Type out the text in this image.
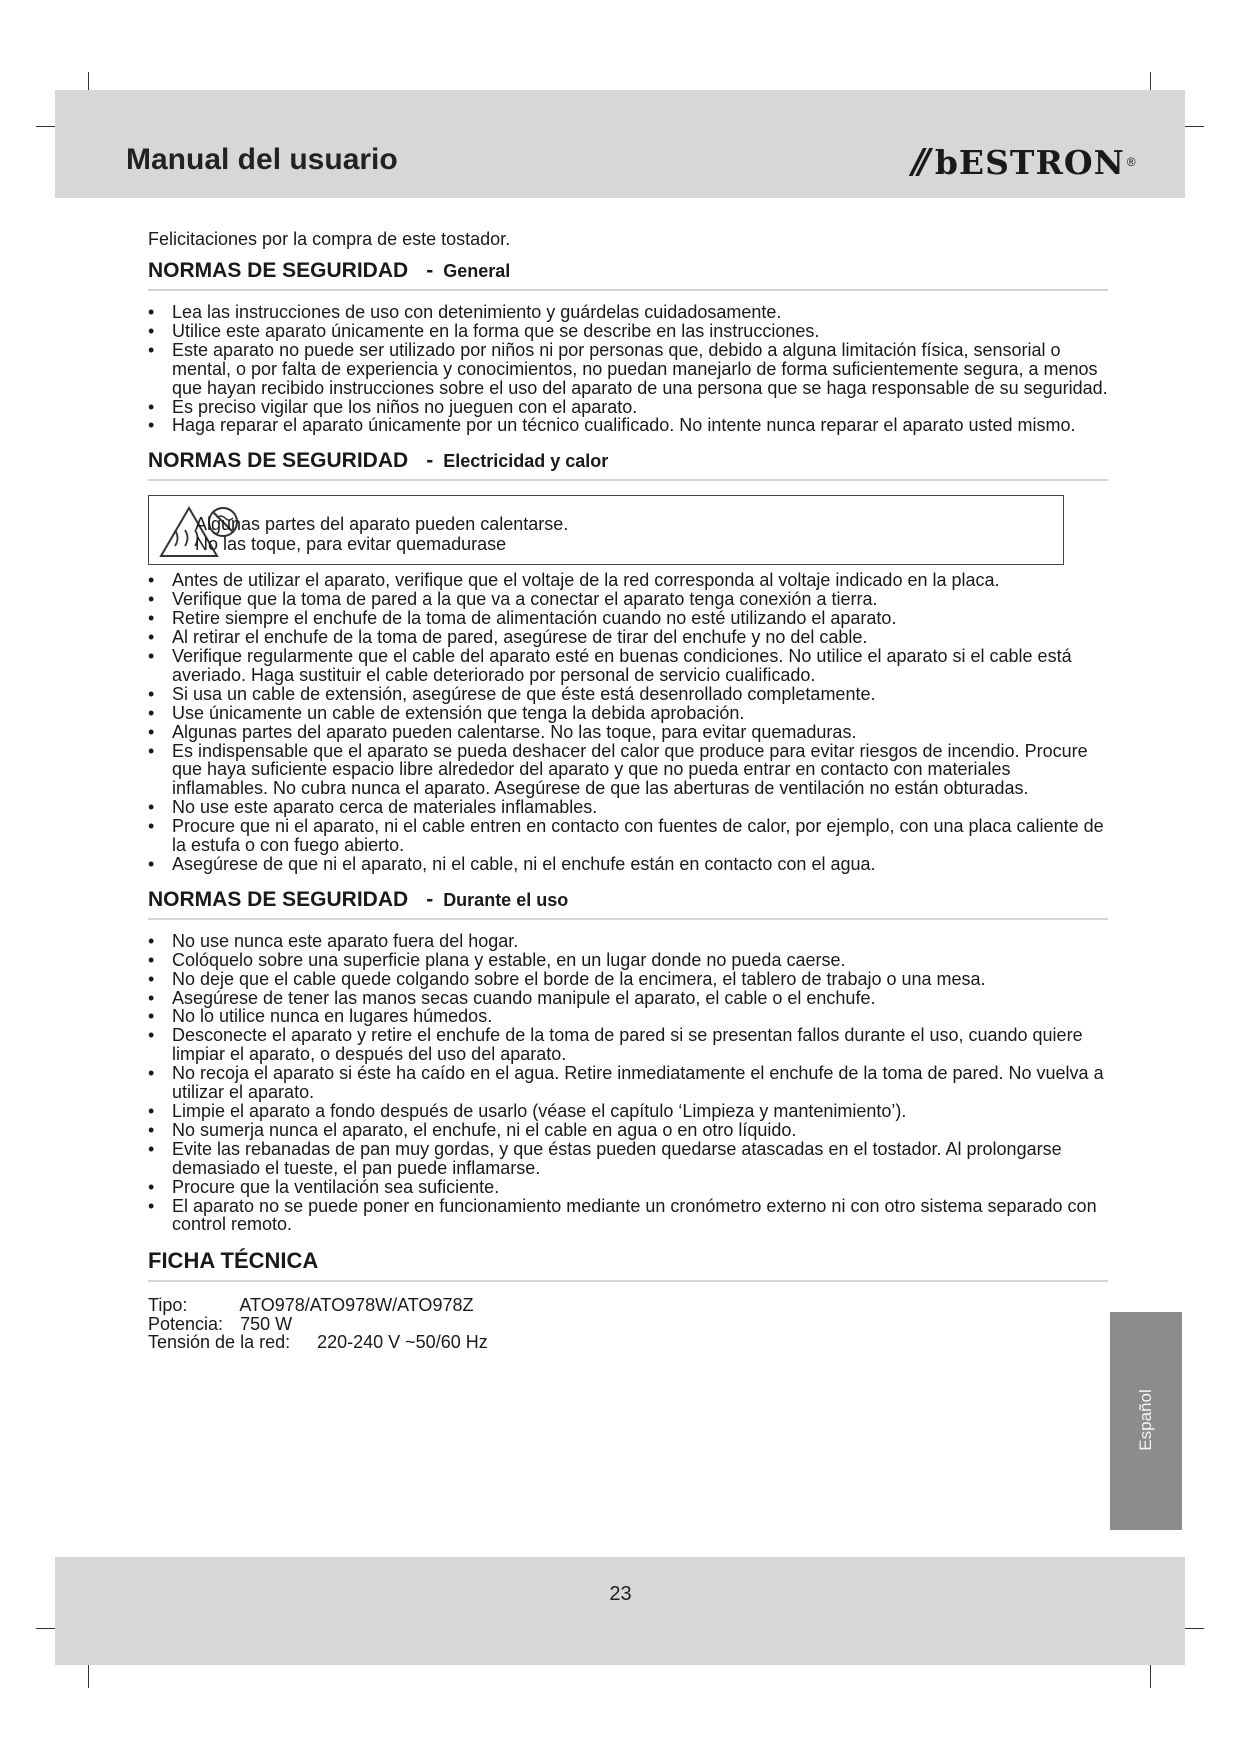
Manual del usuario	// bESTRON ®

Felicitaciones por la compra de este tostador.

NORMAS DE SEGURIDAD - General
• Lea las instrucciones de uso con detenimiento y guárdelas cuidadosamente.
• Utilice este aparato únicamente en la forma que se describe en las instrucciones.
• Este aparato no puede ser utilizado por niños ni por personas que, debido a alguna limitación física, sensorial o mental, o por falta de experiencia y conocimientos, no puedan manejarlo de forma suficientemente segura, a menos que hayan recibido instrucciones sobre el uso del aparato de una persona que se haga responsable de su seguridad.
• Es preciso vigilar que los niños no jueguen con el aparato.
• Haga reparar el aparato únicamente por un técnico cualificado. No intente nunca reparar el aparato usted mismo.
NORMAS DE SEGURIDAD - Electricidad y calor
Algunas partes del aparato pueden calentarse.
No las toque, para evitar quemadurase
• Antes de utilizar el aparato, verifique que el voltaje de la red corresponda al voltaje indicado en la placa.
• Verifique que la toma de pared a la que va a conectar el aparato tenga conexión a tierra.
• Retire siempre el enchufe de la toma de alimentación cuando no esté utilizando el aparato.
• Al retirar el enchufe de la toma de pared, asegúrese de tirar del enchufe y no del cable.
• Verifique regularmente que el cable del aparato esté en buenas condiciones. No utilice el aparato si el cable está averiado. Haga sustituir el cable deteriorado por personal de servicio cualificado.
• Si usa un cable de extensión, asegúrese de que éste está desenrollado completamente.
• Use únicamente un cable de extensión que tenga la debida aprobación.
• Algunas partes del aparato pueden calentarse. No las toque, para evitar quemaduras.
• Es indispensable que el aparato se pueda deshacer del calor que produce para evitar riesgos de incendio. Procure que haya suficiente espacio libre alrededor del aparato y que no pueda entrar en contacto con materiales inflamables. No cubra nunca el aparato. Asegúrese de que las aberturas de ventilación no están obturadas.
• No use este aparato cerca de materiales inflamables.
• Procure que ni el aparato, ni el cable entren en contacto con fuentes de calor, por ejemplo, con una placa caliente de la estufa o con fuego abierto.
• Asegúrese de que ni el aparato, ni el cable, ni el enchufe están en contacto con el agua.
NORMAS DE SEGURIDAD - Durante el uso
• No use nunca este aparato fuera del hogar.
• Colóquelo sobre una superficie plana y estable, en un lugar donde no pueda caerse.
• No deje que el cable quede colgando sobre el borde de la encimera, el tablero de trabajo o una mesa.
• Asegúrese de tener las manos secas cuando manipule el aparato, el cable o el enchufe.
• No lo utilice nunca en lugares húmedos.
• Desconecte el aparato y retire el enchufe de la toma de pared si se presentan fallos durante el uso, cuando quiere limpiar el aparato, o después del uso del aparato.
• No recoja el aparato si éste ha caído en el agua. Retire inmediatamente el enchufe de la toma de pared. No vuelva a utilizar el aparato.
• Limpie el aparato a fondo después de usarlo (véase el capítulo ‘Limpieza y mantenimiento’).
• No sumerja nunca el aparato, el enchufe, ni el cable en agua o en otro líquido.
• Evite las rebanadas de pan muy gordas, y que éstas pueden quedarse atascadas en el tostador. Al prolongarse demasiado el tueste, el pan puede inflamarse.
• Procure que la ventilación sea suficiente.
• El aparato no se puede poner en funcionamiento mediante un cronómetro externo ni con otro sistema separado con control remoto.
FICHA TÉCNICA
Tipo:	ATO978/ATO978W/ATO978Z
Potencia: 750 W
Tensión de la red: 220-240 V ~50/60 Hz
Español
23
